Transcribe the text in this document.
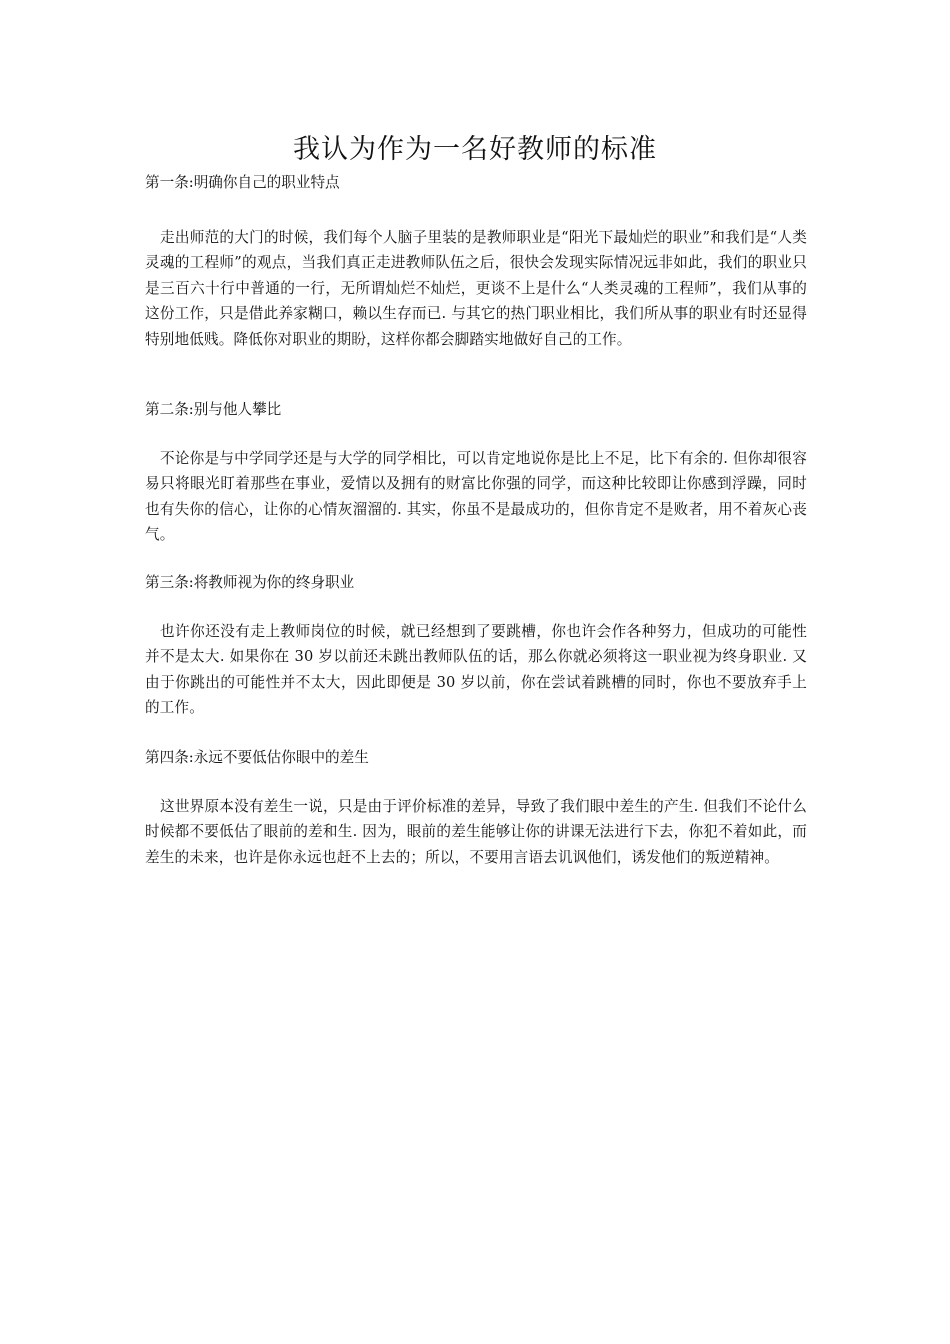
我认为作为一名好教师的标准

第一条:明确你自己的职业特点

走出师范的大门的时候，我们每个人脑子里装的是教师职业是“阳光下最灿烂的职业”和我们是“人类灵魂的工程师”的观点，当我们真正走进教师队伍之后，很快会发现实际情况远非如此，我们的职业只是三百六十行中普通的一行，无所谓灿烂不灿烂，更谈不上是什么“人类灵魂的工程师”，我们从事的这份工作，只是借此养家糊口，赖以生存而已. 与其它的热门职业相比，我们所从事的职业有时还显得特别地低贱。降低你对职业的期盼，这样你都会脚踏实地做好自己的工作。

第二条:别与他人攀比

不论你是与中学同学还是与大学的同学相比，可以肯定地说你是比上不足，比下有余的. 但你却很容易只将眼光盯着那些在事业，爱情以及拥有的财富比你强的同学，而这种比较即让你感到浮躁，同时也有失你的信心，让你的心情灰溜溜的. 其实，你虽不是最成功的，但你肯定不是败者，用不着灰心丧气。

第三条:将教师视为你的终身职业

也许你还没有走上教师岗位的时候，就已经想到了要跳槽，你也许会作各种努力，但成功的可能性并不是太大. 如果你在 30 岁以前还未跳出教师队伍的话，那么你就必须将这一职业视为终身职业. 又由于你跳出的可能性并不太大，因此即便是 30 岁以前，你在尝试着跳槽的同时，你也不要放弃手上的工作。

第四条:永远不要低估你眼中的差生

这世界原本没有差生一说，只是由于评价标准的差异，导致了我们眼中差生的产生. 但我们不论什么时候都不要低估了眼前的差和生. 因为，眼前的差生能够让你的讲课无法进行下去，你犯不着如此，而差生的未来，也许是你永远也赶不上去的；所以，不要用言语去讥讽他们，诱发他们的叛逆精神。
